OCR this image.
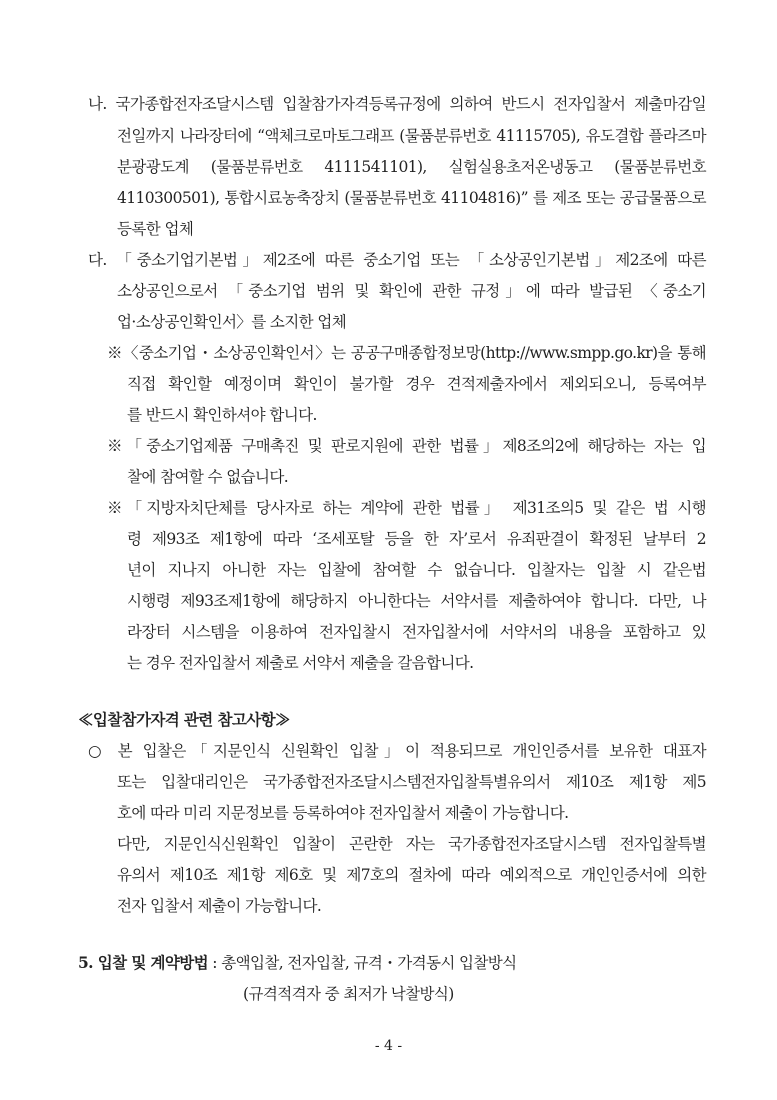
나. 국가종합전자조달시스템 입찰참가자격등록규정에 의하여 반드시 전자입찰서 제출마감일
전일까지 나라장터에 “액체크로마토그래프 (물품분류번호 41115705), 유도결합 플라즈마
분광광도계 (물품분류번호 4111541101), 실험실용초저온냉동고 (물품분류번호
4110300501), 통합시료농축장치 (물품분류번호 41104816)” 를 제조 또는 공급물품으로
등록한 업체
다. 「중소기업기본법」제2조에 따른 중소기업 또는 「소상공인기본법」제2조에 따른
소상공인으로서 「중소기업 범위 및 확인에 관한 규정」에 따라 발급된 〈중소기
업·소상공인확인서〉를 소지한 업체
※〈중소기업・소상공인확인서〉는 공공구매종합정보망(http://www.smpp.go.kr)을 통해
직접 확인할 예정이며 확인이 불가할 경우 견적제출자에서 제외되오니, 등록여부
를 반드시 확인하셔야 합니다.
※「중소기업제품 구매촉진 및 판로지원에 관한 법률」제8조의2에 해당하는 자는 입
찰에 참여할 수 없습니다.
※「지방자치단체를 당사자로 하는 계약에 관한 법률」 제31조의5 및 같은 법 시행
령 제93조 제1항에 따라 ‘조세포탈 등을 한 자’로서 유죄판결이 확정된 날부터 2
년이 지나지 아니한 자는 입찰에 참여할 수 없습니다. 입찰자는 입찰 시 같은법
시행령 제93조제1항에 해당하지 아니한다는 서약서를 제출하여야 합니다. 다만, 나
라장터 시스템을 이용하여 전자입찰시 전자입찰서에 서약서의 내용을 포함하고 있
는 경우 전자입찰서 제출로 서약서 제출을 갈음합니다.
≪입찰참가자격 관련 참고사항≫
○ 본 입찰은「지문인식 신원확인 입찰」이 적용되므로 개인인증서를 보유한 대표자
또는 입찰대리인은 국가종합전자조달시스템전자입찰특별유의서 제10조 제1항 제5
호에 따라 미리 지문정보를 등록하여야 전자입찰서 제출이 가능합니다.
다만, 지문인식신원확인 입찰이 곤란한 자는 국가종합전자조달시스템 전자입찰특별
유의서 제10조 제1항 제6호 및 제7호의 절차에 따라 예외적으로 개인인증서에 의한
전자 입찰서 제출이 가능합니다.
5. 입찰 및 계약방법 : 총액입찰, 전자입찰, 규격・가격동시 입찰방식
(규격적격자 중 최저가 낙찰방식)
- 4 -
